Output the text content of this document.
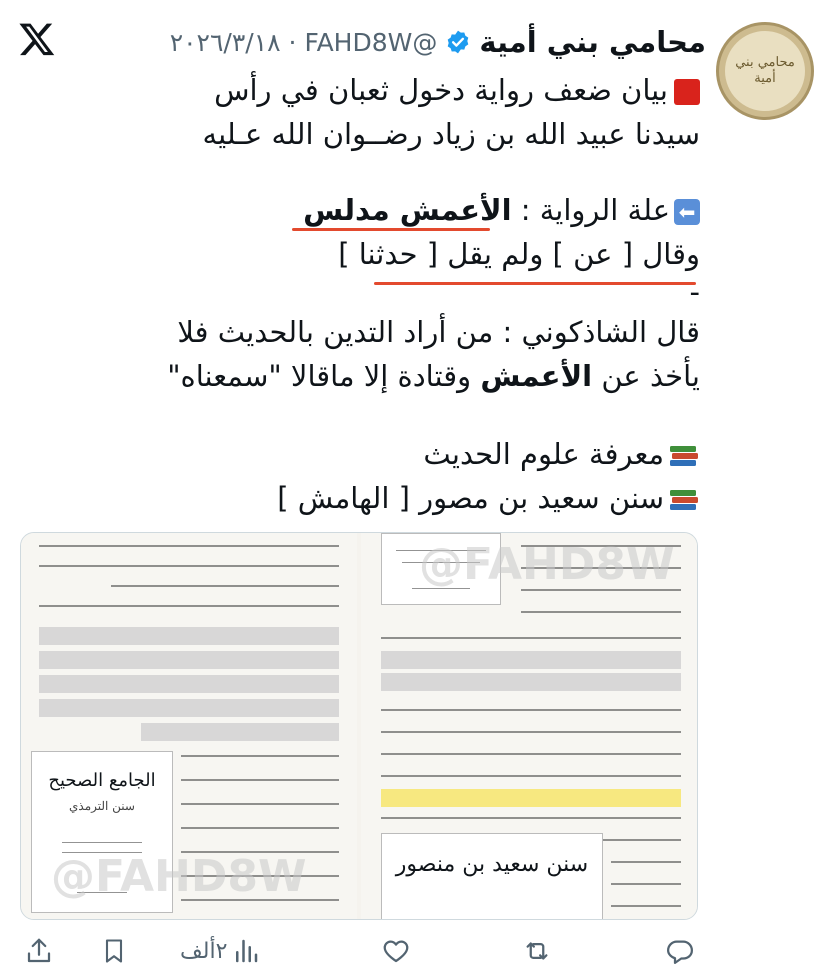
محامي بني أمية
محامي بني أمية
@FAHD8W
·
٢٠٢٦/٣/١٨
بيان ضعف رواية دخول ثعبان في رأس
سيدنا عبيد الله بن زياد رضــوان الله عـليه
⬅علة الرواية : الأعمش مدلس
وقال [ عن ] ولم يقل [ حدثنا ]
-
قال الشاذكوني : من أراد التدين بالحديث فلا
يأخذ عن الأعمش وقتادة إلا ماقالا "سمعناه"
معرفة علوم الحديث
سنن سعيد بن مصور [ الهامش ]
الجامع الصحيح
سنن الترمذي
سنن سعيد بن منصور
@FAHD8W
@FAHD8W
٢ألف
